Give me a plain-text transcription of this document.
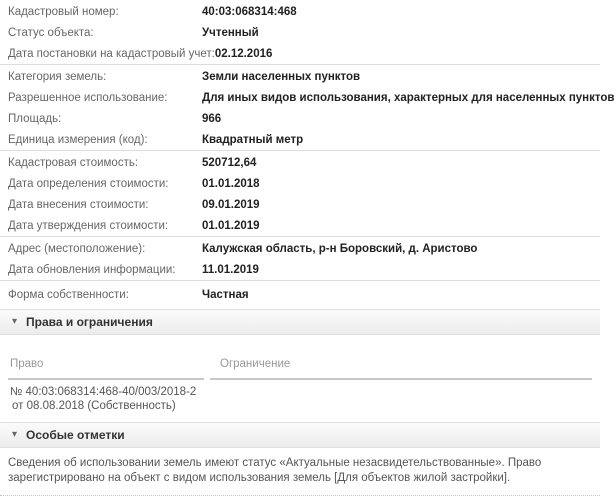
Кадастровый номер:	40:03:068314:468
Статус объекта:	Учтенный
Дата постановки на кадастровый учет: 02.12.2016
Категория земель:	Земли населенных пунктов
Разрешенное использование:	Для иных видов использования, характерных для населенных пунктов
Площадь:	966
Единица измерения (код):	Квадратный метр
Кадастровая стоимость:	520712,64
Дата определения стоимости:	01.01.2018
Дата внесения стоимости:	09.01.2019
Дата утверждения стоимости:	01.01.2019
Адрес (местоположение):	Калужская область, р-н Боровский, д. Аристово
Дата обновления информации:	11.01.2019
Форма собственности:	Частная
▾ Права и ограничения
Право	Ограничение
№ 40:03:068314:468-40/003/2018-2
от 08.08.2018 (Собственность)
▾ Особые отметки
Сведения об использовании земель имеют статус «Актуальные незасвидетельствованные». Право зарегистрировано на объект с видом использования земель [Для объектов жилой застройки].
